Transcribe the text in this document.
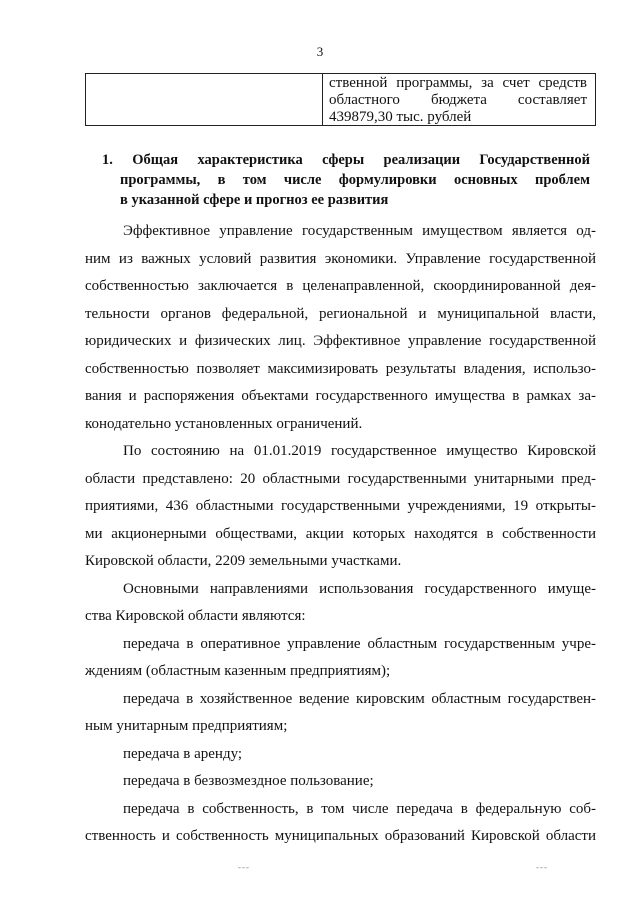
3
ственной программы, за счет средств
областного бюджета составляет
439879,30 тыс. рублей
1. Общая характеристика сферы реализации Государственной
программы, в том числе формулировки основных проблем
в указанной сфере и прогноз ее развития
Эффективное управление государственным имуществом является од-
ним из важных условий развития экономики. Управление государственной
собственностью заключается в целенаправленной, скоординированной дея-
тельности органов федеральной, региональной и муниципальной власти,
юридических и физических лиц. Эффективное управление государственной
собственностью позволяет максимизировать результаты владения, использо-
вания и распоряжения объектами государственного имущества в рамках за-
конодательно установленных ограничений.
По состоянию на 01.01.2019 государственное имущество Кировской
области представлено: 20 областными государственными унитарными пред-
приятиями, 436 областными государственными учреждениями, 19 открыты-
ми акционерными обществами, акции которых находятся в собственности
Кировской области, 2209 земельными участками.
Основными направлениями использования государственного имуще-
ства Кировской области являются:
передача в оперативное управление областным государственным учре-
ждениям (областным казенным предприятиям);
передача в хозяйственное ведение кировским областным государствен-
ным унитарным предприятиям;
передача в аренду;
передача в безвозмездное пользование;
передача в собственность, в том числе передача в федеральную соб-
ственность и собственность муниципальных образований Кировской области
---	---
